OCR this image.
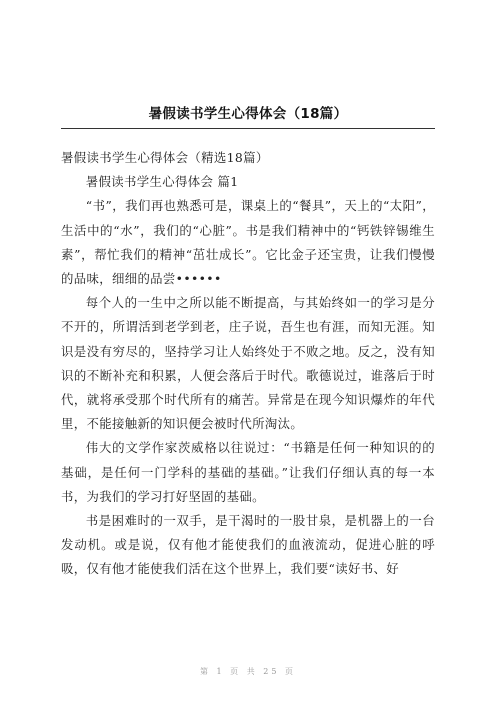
暑假读书学生心得体会（18篇）

暑假读书学生心得体会（精选18篇）

暑假读书学生心得体会 篇1

“书”，我们再也熟悉可是，课桌上的“餐具”，天上的“太阳”，生活中的“水”，我们的“心脏”。书是我们精神中的“钙铁锌锡维生素”，帮忙我们的精神“茁壮成长”。它比金子还宝贵，让我们慢慢的品味，细细的品尝••••••

每个人的一生中之所以能不断提高，与其始终如一的学习是分不开的，所谓活到老学到老，庄子说，吾生也有涯，而知无涯。知识是没有穷尽的，坚持学习让人始终处于不败之地。反之，没有知识的不断补充和积累，人便会落后于时代。歌德说过，谁落后于时代，就将承受那个时代所有的痛苦。异常是在现今知识爆炸的年代里，不能接触新的知识便会被时代所淘汰。

伟大的文学作家茨威格以往说过：“书籍是任何一种知识的的基础，是任何一门学科的基础的基础。”让我们仔细认真的每一本书，为我们的学习打好坚固的基础。

书是困难时的一双手，是干渴时的一股甘泉，是机器上的一台发动机。或是说，仅有他才能使我们的血液流动，促进心脏的呼吸，仅有他才能使我们活在这个世界上，我们要“读好书、好

第 1 页 共 25 页
